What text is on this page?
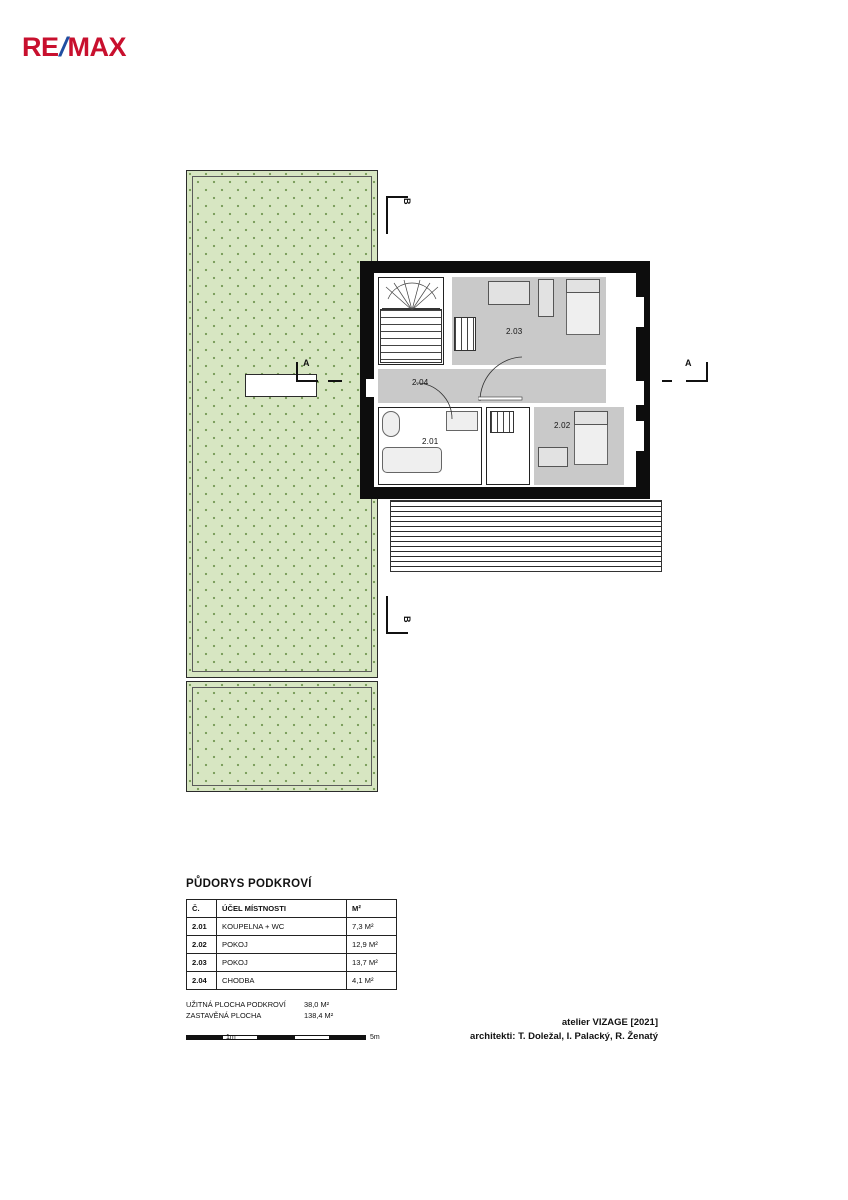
RE/MAX
2.03
2.04
2.01
2.02
B
A	A
B
PŮDORYS PODKROVÍ
Č.	ÚČEL MÍSTNOSTI	M²
2.01	KOUPELNA + WC	7,3 M²
2.02	POKOJ	12,9 M²
2.03	POKOJ	13,7 M²
2.04	CHODBA	4,1 M²
UŽITNÁ PLOCHA PODKROVÍ	38,0 M²
ZASTAVĚNÁ PLOCHA	138,4 M²
1m	5m
atelier VIZAGE [2021]
architekti: T. Doležal, I. Palacký, R. Ženatý
